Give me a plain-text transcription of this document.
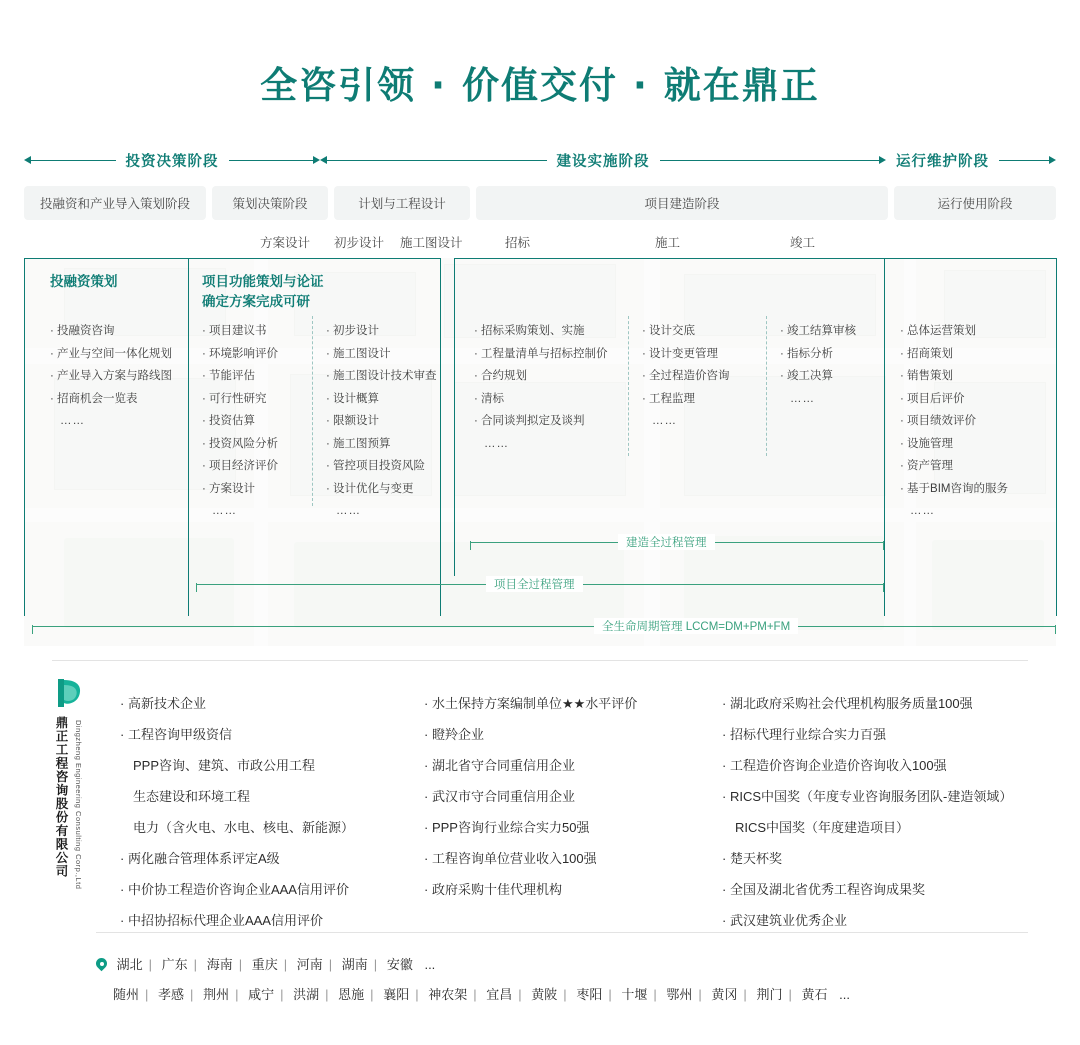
全咨引领 · 价值交付 · 就在鼎正
投资决策阶段	建设实施阶段	运行维护阶段
投融资和产业导入策划阶段	策划决策阶段	计划与工程设计	项目建造阶段	运行使用阶段
方案设计 初步设计 施工图设计	招标	施工	竣工
投融资策划
· 投融资咨询
· 产业与空间一体化规划
· 产业导入方案与路线图
· 招商机会一览表
……
项目功能策划与论证
确定方案完成可研
· 项目建议书
· 环境影响评价
· 节能评估
· 可行性研究
· 投资估算
· 投资风险分析
· 项目经济评价
· 方案设计
……
· 初步设计
· 施工图设计
· 施工图设计技术审查
· 设计概算
· 限额设计
· 施工图预算
· 管控项目投资风险
· 设计优化与变更
……
· 招标采购策划、实施
· 工程量清单与招标控制价
· 合约规划
· 清标
· 合同谈判拟定及谈判
……
· 设计交底
· 设计变更管理
· 全过程造价咨询
· 工程监理
……
· 竣工结算审核
· 指标分析
· 竣工决算
……
· 总体运营策划
· 招商策划
· 销售策划
· 项目后评价
· 项目绩效评价
· 设施管理
· 资产管理
· 基于BIM咨询的服务
……
建造全过程管理
项目全过程管理
全生命周期管理 LCCM=DM+PM+FM
鼎正工程咨询股份有限公司 Dingzheng Engineering Consulting Corp.,Ltd
· 高新技术企业
· 工程咨询甲级资信
PPP咨询、建筑、市政公用工程
生态建设和环境工程
电力（含火电、水电、核电、新能源）
· 两化融合管理体系评定A级
· 中价协工程造价咨询企业AAA信用评价
· 中招协招标代理企业AAA信用评价
· 水土保持方案编制单位★★水平评价
· 瞪羚企业
· 湖北省守合同重信用企业
· 武汉市守合同重信用企业
· PPP咨询行业综合实力50强
· 工程咨询单位营业收入100强
· 政府采购十佳代理机构
· 湖北政府采购社会代理机构服务质量100强
· 招标代理行业综合实力百强
· 工程造价咨询企业造价咨询收入100强
· RICS中国奖（年度专业咨询服务团队-建造领域）
RICS中国奖（年度建造项目）
· 楚天杯奖
· 全国及湖北省优秀工程咨询成果奖
· 武汉建筑业优秀企业
湖北 | 广东 | 海南 | 重庆 | 河南 | 湖南 | 安徽 ...
随州 | 孝感 | 荆州 | 咸宁 | 洪湖 | 恩施 | 襄阳 | 神农架 | 宜昌 | 黄陂 | 枣阳 | 十堰 | 鄂州 | 黄冈 | 荆门 | 黄石 ...
